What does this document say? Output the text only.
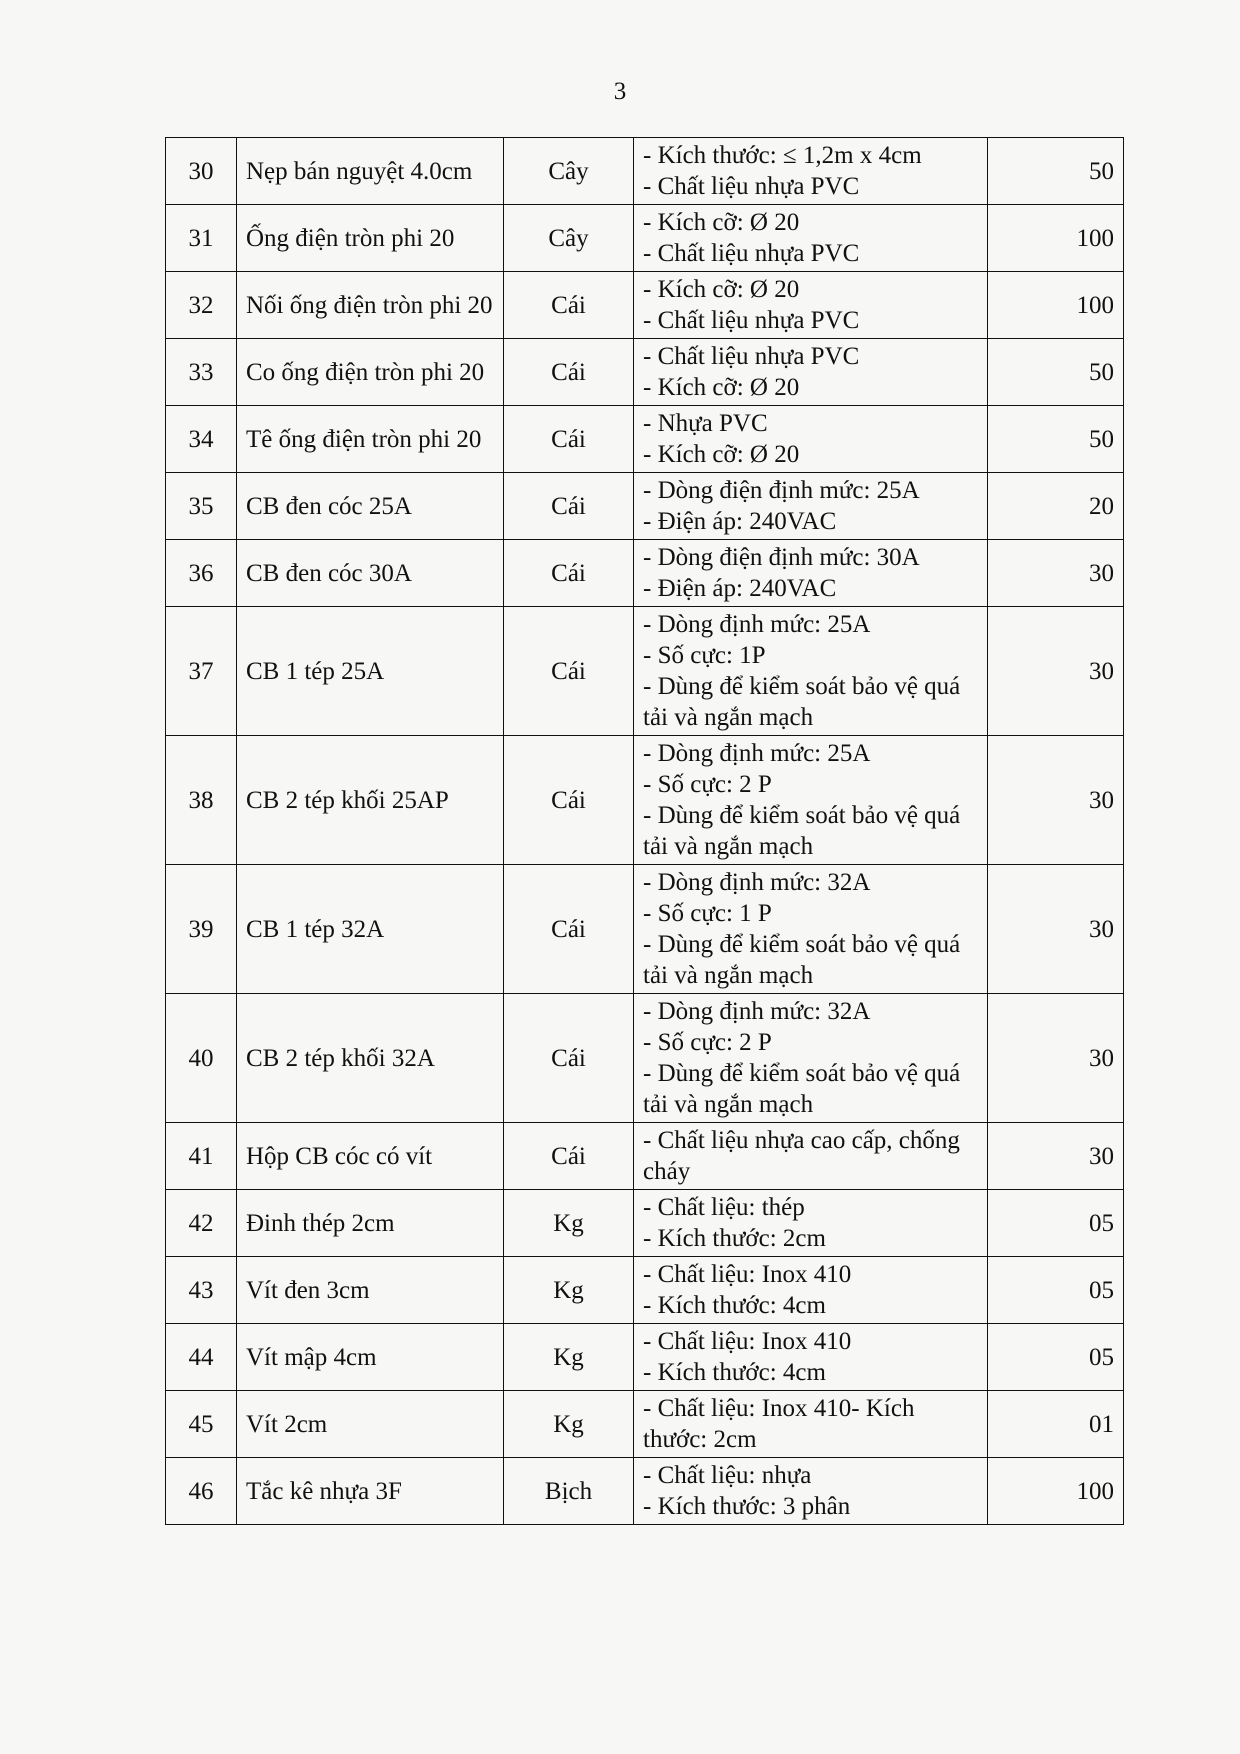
3
30	Nẹp bán nguyệt 4.0cm	Cây	- Kích thước: ≤ 1,2m x 4cm
- Chất liệu nhựa PVC	50
31	Ống điện tròn phi 20	Cây	- Kích cỡ: Ø 20
- Chất liệu nhựa PVC	100
32	Nối ống điện tròn phi 20	Cái	- Kích cỡ: Ø 20
- Chất liệu nhựa PVC	100
33	Co ống điện tròn phi 20	Cái	- Chất liệu nhựa PVC
- Kích cỡ: Ø 20	50
34	Tê ống điện tròn phi 20	Cái	- Nhựa PVC
- Kích cỡ: Ø 20	50
35	CB đen cóc 25A	Cái	- Dòng điện định mức: 25A
- Điện áp: 240VAC	20
36	CB đen cóc 30A	Cái	- Dòng điện định mức: 30A
- Điện áp: 240VAC	30
37	CB 1 tép 25A	Cái	- Dòng định mức: 25A
- Số cực: 1P
- Dùng để kiểm soát bảo vệ quá tải và ngắn mạch	30
38	CB 2 tép khối 25AP	Cái	- Dòng định mức: 25A
- Số cực: 2 P
- Dùng để kiểm soát bảo vệ quá tải và ngắn mạch	30
39	CB 1 tép 32A	Cái	- Dòng định mức: 32A
- Số cực: 1 P
- Dùng để kiểm soát bảo vệ quá tải và ngắn mạch	30
40	CB 2 tép khối 32A	Cái	- Dòng định mức: 32A
- Số cực: 2 P
- Dùng để kiểm soát bảo vệ quá tải và ngắn mạch	30
41	Hộp CB cóc có vít	Cái	- Chất liệu nhựa cao cấp, chống cháy	30
42	Đinh thép 2cm	Kg	- Chất liệu: thép
- Kích thước: 2cm	05
43	Vít đen 3cm	Kg	- Chất liệu: Inox 410
- Kích thước: 4cm	05
44	Vít mập 4cm	Kg	- Chất liệu: Inox 410
- Kích thước: 4cm	05
45	Vít 2cm	Kg	- Chất liệu: Inox 410- Kích thước: 2cm	01
46	Tắc kê nhựa 3F	Bịch	- Chất liệu: nhựa
- Kích thước: 3 phân	100
